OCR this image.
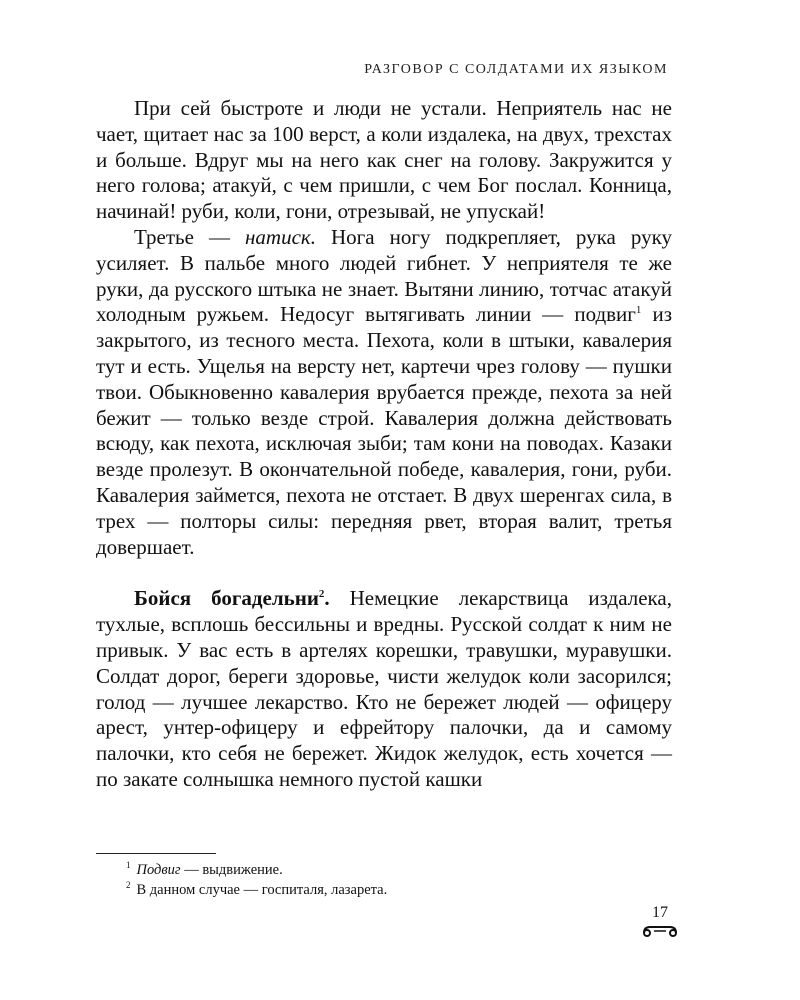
РАЗГОВОР С СОЛДАТАМИ ИХ ЯЗЫКОМ

При сей быстроте и люди не устали. Неприятель нас не чает, щитает нас за 100 верст, а коли издалека, на двух, трехстах и больше. Вдруг мы на него как снег на голову. Закружится у него голова; атакуй, с чем пришли, с чем Бог послал. Конница, начинай! руби, коли, гони, отрезывай, не упускай!

Третье — натиск. Нога ногу подкрепляет, рука руку усиляет. В пальбе много людей гибнет. У неприятеля те же руки, да русского штыка не знает. Вытяни линию, тотчас атакуй холодным ружьем. Недосуг вытягивать линии — подвиг$^1$ из закрытого, из тесного места. Пехота, коли в штыки, кавалерия тут и есть. Ущелья на версту нет, картечи чрез голову — пушки твои. Обыкновенно кавалерия врубается прежде, пехота за ней бежит — только везде строй. Кавалерия должна действовать всюду, как пехота, исключая зыби; там кони на поводах. Казаки везде пролезут. В окончательной победе, кавалерия, гони, руби. Кавалерия займется, пехота не отстает. В двух шеренгах сила, в трех — полторы силы: передняя рвет, вторая валит, третья довершает.

Бойся богадельни$^2$. Немецкие лекарствица издалека, тухлые, всплошь бессильны и вредны. Русской солдат к ним не привык. У вас есть в артелях корешки, травушки, муравушки. Солдат дорог, береги здоровье, чисти желудок коли засорился; голод — лучшее лекарство. Кто не бережет людей — офицеру арест, унтер-офицеру и ефрейтору палочки, да и самому палочки, кто себя не бережет. Жидок желудок, есть хочется — по закате солнышка немного пустой кашки

$^1$ Подвиг — выдвижение.

$^2$ В данном случае — госпиталя, лазарета.

17
